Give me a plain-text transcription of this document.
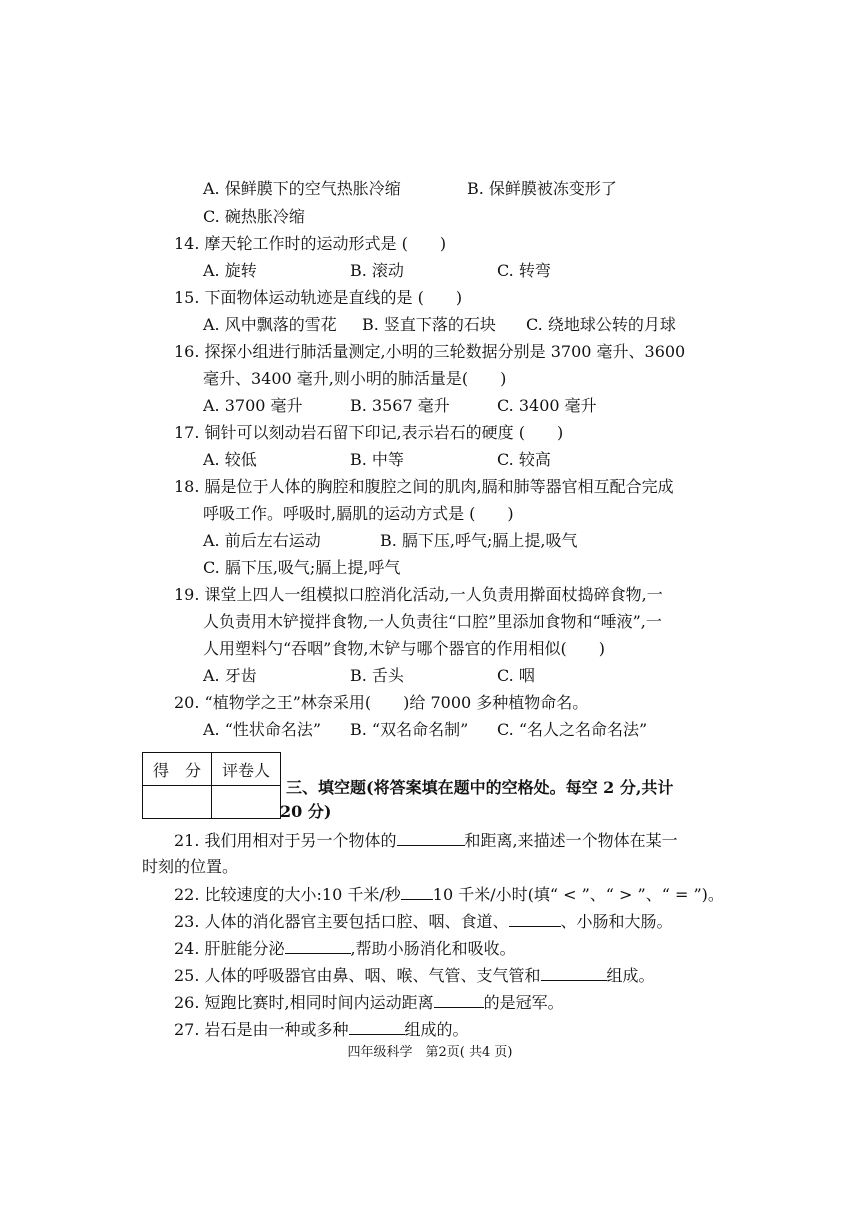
A. 保鲜膜下的空气热胀冷缩	B. 保鲜膜被冻变形了
C. 碗热胀冷缩
14. 摩天轮工作时的运动形式是 (　　)
A. 旋转	B. 滚动	C. 转弯
15. 下面物体运动轨迹是直线的是 (　　)
A. 风中飘落的雪花 B. 竖直下落的石块 C. 绕地球公转的月球
16. 探探小组进行肺活量测定,小明的三轮数据分别是 3700 毫升、3600
毫升、3400 毫升,则小明的肺活量是(　　)
A. 3700 毫升	B. 3567 毫升	C. 3400 毫升
17. 铜针可以刻动岩石留下印记,表示岩石的硬度 (　　)
A. 较低	B. 中等	C. 较高
18. 膈是位于人体的胸腔和腹腔之间的肌肉,膈和肺等器官相互配合完成
呼吸工作。呼吸时,膈肌的运动方式是 (　　)
A. 前后左右运动	B. 膈下压,呼气;膈上提,吸气
C. 膈下压,吸气;膈上提,呼气
19. 课堂上四人一组模拟口腔消化活动,一人负责用擀面杖捣碎食物,一
人负责用木铲搅拌食物,一人负责往“口腔”里添加食物和“唾液”,一
人用塑料勺“吞咽”食物,木铲与哪个器官的作用相似(　　)
A. 牙齿	B. 舌头	C. 咽
20. “植物学之王”林奈采用(　　)给 7000 多种植物命名。
A. “性状命名法” B. “双名命名制” C. “名人之名命名法”
得　分	评卷人

三、填空题(将答案填在题中的空格处。每空 2 分,共计
20 分)
21. 我们用相对于另一个物体的	和距离,来描述一个物体在某一
时刻的位置。
22. 比较速度的大小:10 千米/秒 10 千米/小时(填“ < ”、“ > ”、“ = ”)。
23. 人体的消化器官主要包括口腔、咽、食道、	、小肠和大肠。
24. 肝脏能分泌	,帮助小肠消化和吸收。
25. 人体的呼吸器官由鼻、咽、喉、气管、支气管和	组成。
26. 短跑比赛时,相同时间内运动距离	的是冠军。
27. 岩石是由一种或多种	组成的。
四年级科学　第2页( 共4 页)
